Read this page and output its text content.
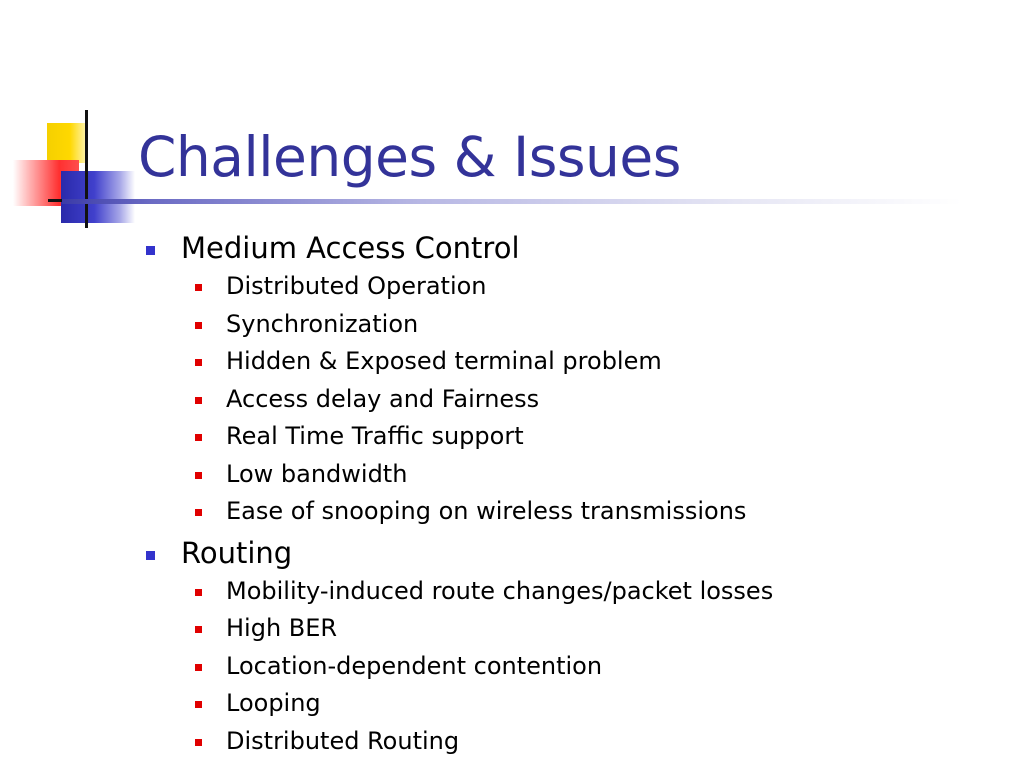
Challenges & Issues
Medium Access Control
Distributed Operation
Synchronization
Hidden & Exposed terminal problem
Access delay and Fairness
Real Time Traffic support
Low bandwidth
Ease of snooping on wireless transmissions
Routing
Mobility-induced route changes/packet losses
High BER
Location-dependent contention
Looping
Distributed Routing
